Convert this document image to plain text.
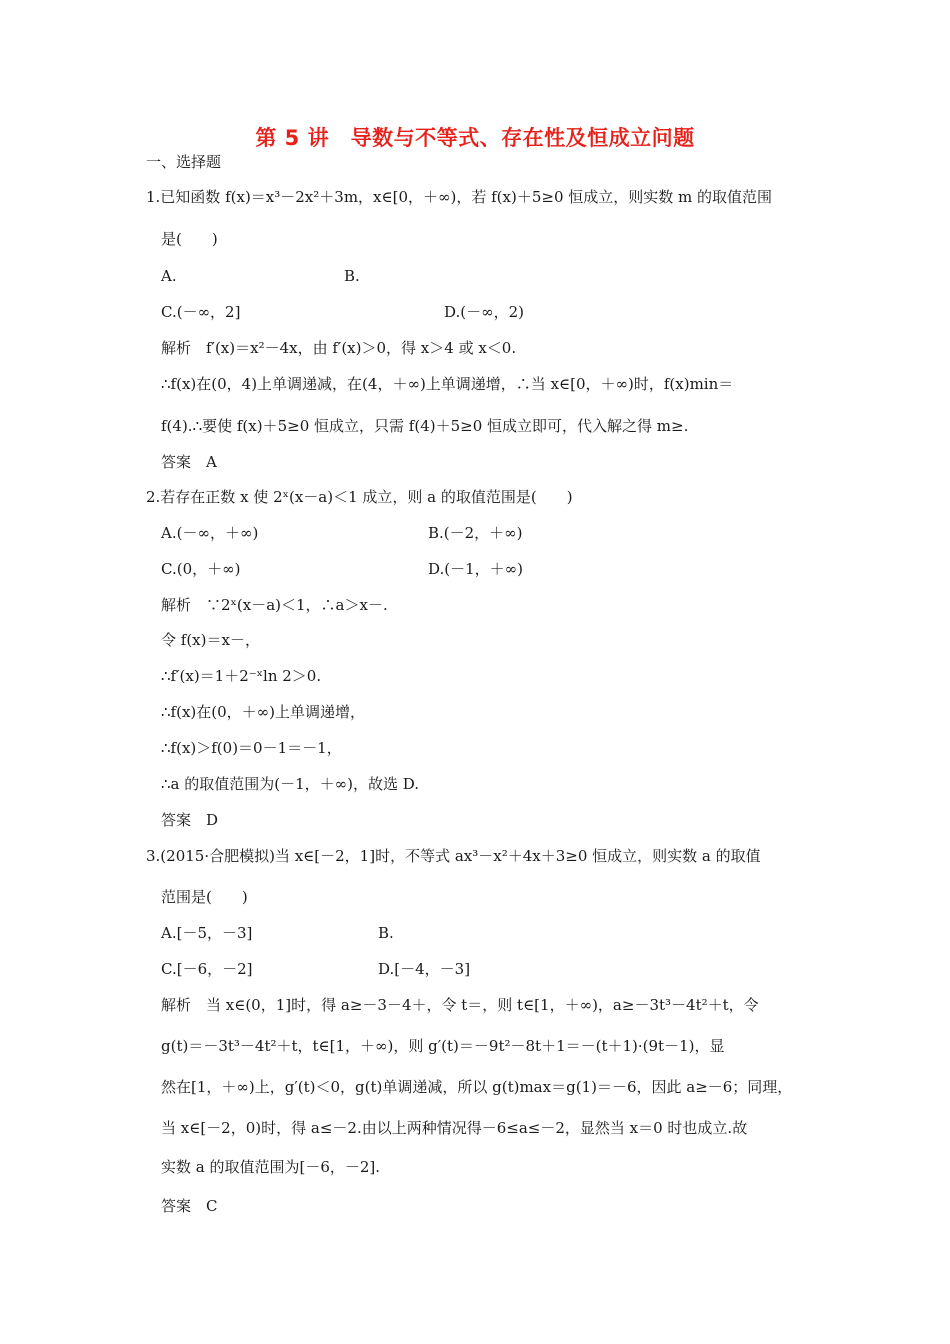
第 5 讲　导数与不等式、存在性及恒成立问题
一、选择题
1.已知函数 f(x)＝x³－2x²＋3m，x∈[0，＋∞)，若 f(x)＋5≥0 恒成立，则实数 m 的取值范围
是(　　)
A.	B.
C.(－∞，2]	D.(－∞，2)
解析　f′(x)＝x²－4x，由 f′(x)＞0，得 x＞4 或 x＜0.
∴f(x)在(0，4)上单调递减，在(4，＋∞)上单调递增，∴当 x∈[0，＋∞)时，f(x)min＝
f(4).∴要使 f(x)＋5≥0 恒成立，只需 f(4)＋5≥0 恒成立即可，代入解之得 m≥.
答案　A
2.若存在正数 x 使 2ˣ(x－a)＜1 成立，则 a 的取值范围是(　　)
A.(－∞，＋∞)	B.(－2，＋∞)
C.(0，＋∞)	D.(－1，＋∞)
解析　∵2ˣ(x－a)＜1，∴a＞x－.
令 f(x)＝x－，
∴f′(x)＝1＋2⁻ˣln 2＞0.
∴f(x)在(0，＋∞)上单调递增，
∴f(x)＞f(0)＝0－1＝－1，
∴a 的取值范围为(－1，＋∞)，故选 D.
答案　D
3.(2015·合肥模拟)当 x∈[－2，1]时，不等式 ax³－x²＋4x＋3≥0 恒成立，则实数 a 的取值
范围是(　　)
A.[－5，－3]	B.
C.[－6，－2]	D.[－4，－3]
解析　当 x∈(0，1]时，得 a≥－3－4＋，令 t＝，则 t∈[1，＋∞)，a≥－3t³－4t²＋t，令
g(t)＝－3t³－4t²＋t，t∈[1，＋∞)，则 g′(t)＝－9t²－8t＋1＝－(t＋1)·(9t－1)，显
然在[1，＋∞)上，g′(t)＜0，g(t)单调递减，所以 g(t)max＝g(1)＝－6，因此 a≥－6；同理，
当 x∈[－2，0)时，得 a≤－2.由以上两种情况得－6≤a≤－2，显然当 x＝0 时也成立.故
实数 a 的取值范围为[－6，－2].
答案　C
